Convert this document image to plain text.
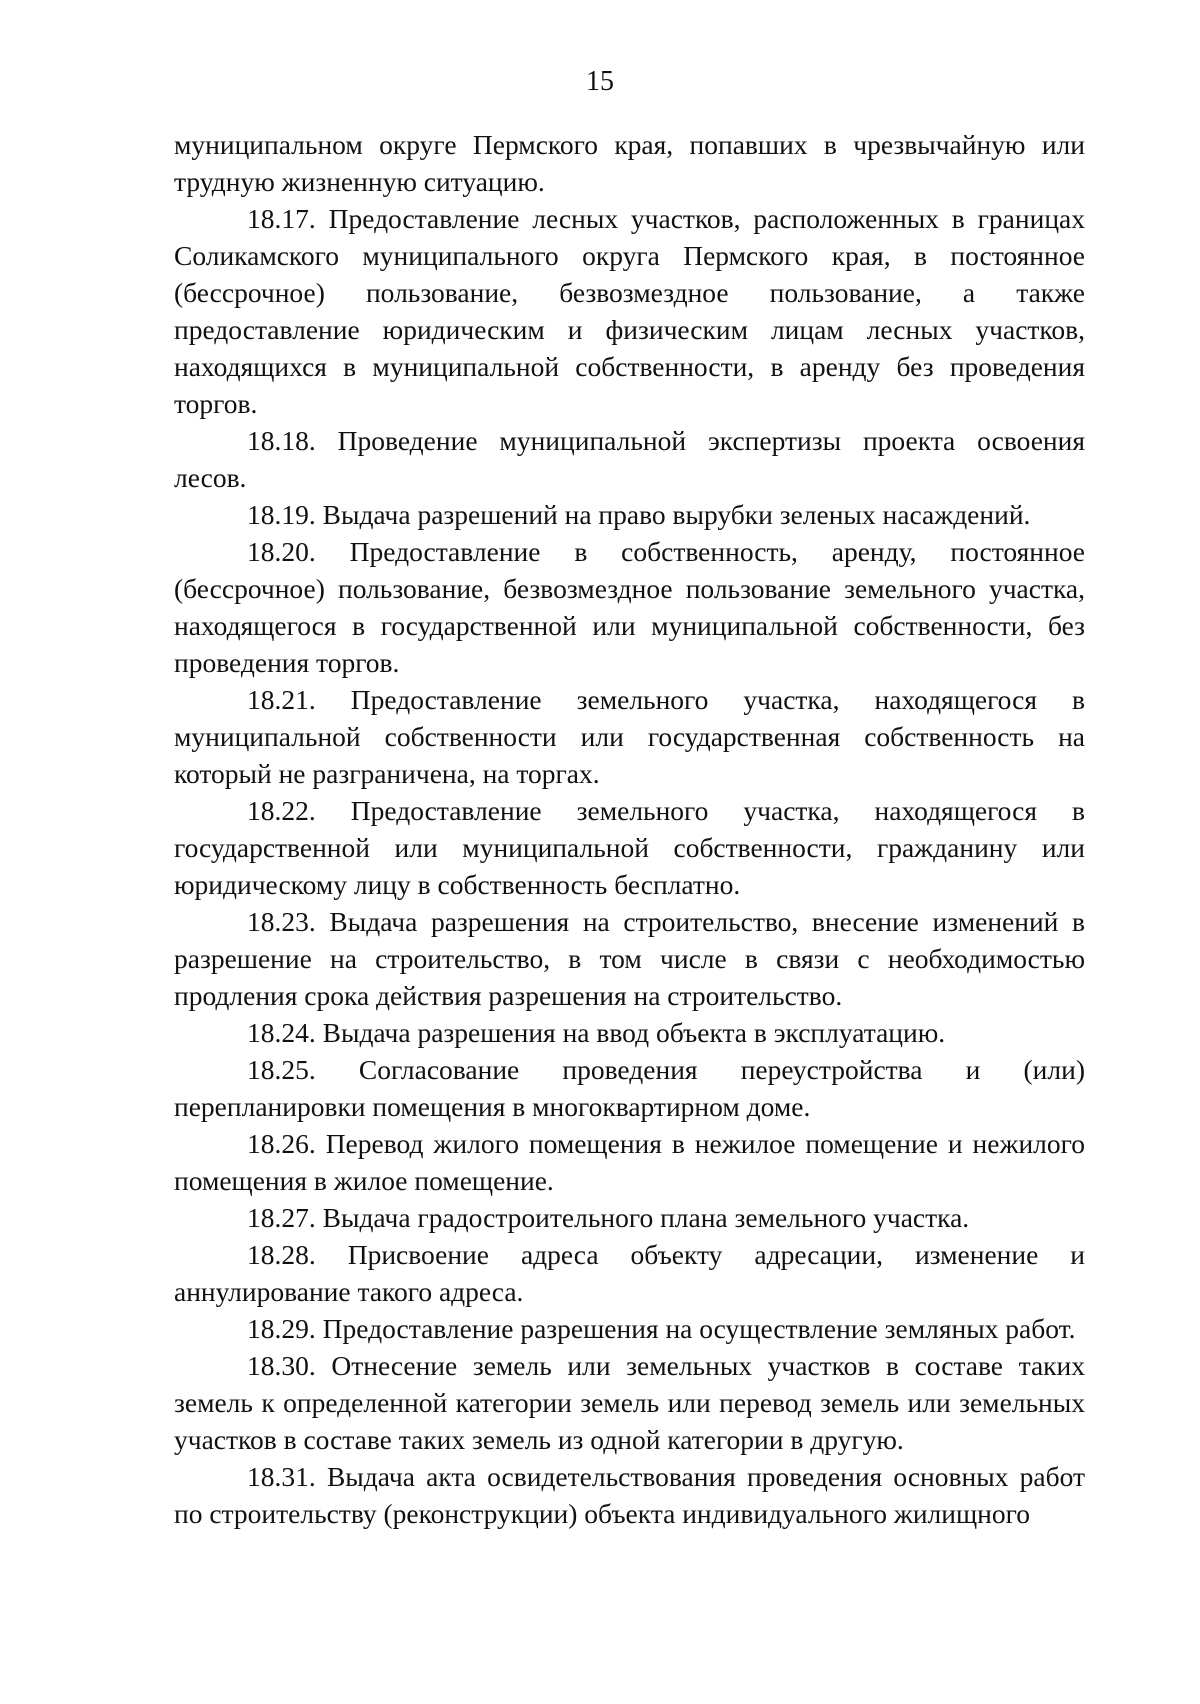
15

муниципальном округе Пермского края, попавших в чрезвычайную или трудную жизненную ситуацию.

18.17. Предоставление лесных участков, расположенных в границах Соликамского муниципального округа Пермского края, в постоянное (бессрочное) пользование, безвозмездное пользование, а также предоставление юридическим и физическим лицам лесных участков, находящихся в муниципальной собственности, в аренду без проведения торгов.

18.18. Проведение муниципальной экспертизы проекта освоения лесов.

18.19. Выдача разрешений на право вырубки зеленых насаждений.

18.20. Предоставление в собственность, аренду, постоянное (бессрочное) пользование, безвозмездное пользование земельного участка, находящегося в государственной или муниципальной собственности, без проведения торгов.

18.21. Предоставление земельного участка, находящегося в муниципальной собственности или государственная собственность на который не разграничена, на торгах.

18.22. Предоставление земельного участка, находящегося в государственной или муниципальной собственности, гражданину или юридическому лицу в собственность бесплатно.

18.23. Выдача разрешения на строительство, внесение изменений в разрешение на строительство, в том числе в связи с необходимостью продления срока действия разрешения на строительство.

18.24. Выдача разрешения на ввод объекта в эксплуатацию.

18.25. Согласование проведения переустройства и (или) перепланировки помещения в многоквартирном доме.

18.26. Перевод жилого помещения в нежилое помещение и нежилого помещения в жилое помещение.

18.27. Выдача градостроительного плана земельного участка.

18.28. Присвоение адреса объекту адресации, изменение и аннулирование такого адреса.

18.29. Предоставление разрешения на осуществление земляных работ.

18.30. Отнесение земель или земельных участков в составе таких земель к определенной категории земель или перевод земель или земельных участков в составе таких земель из одной категории в другую.

18.31. Выдача акта освидетельствования проведения основных работ по строительству (реконструкции) объекта индивидуального жилищного
